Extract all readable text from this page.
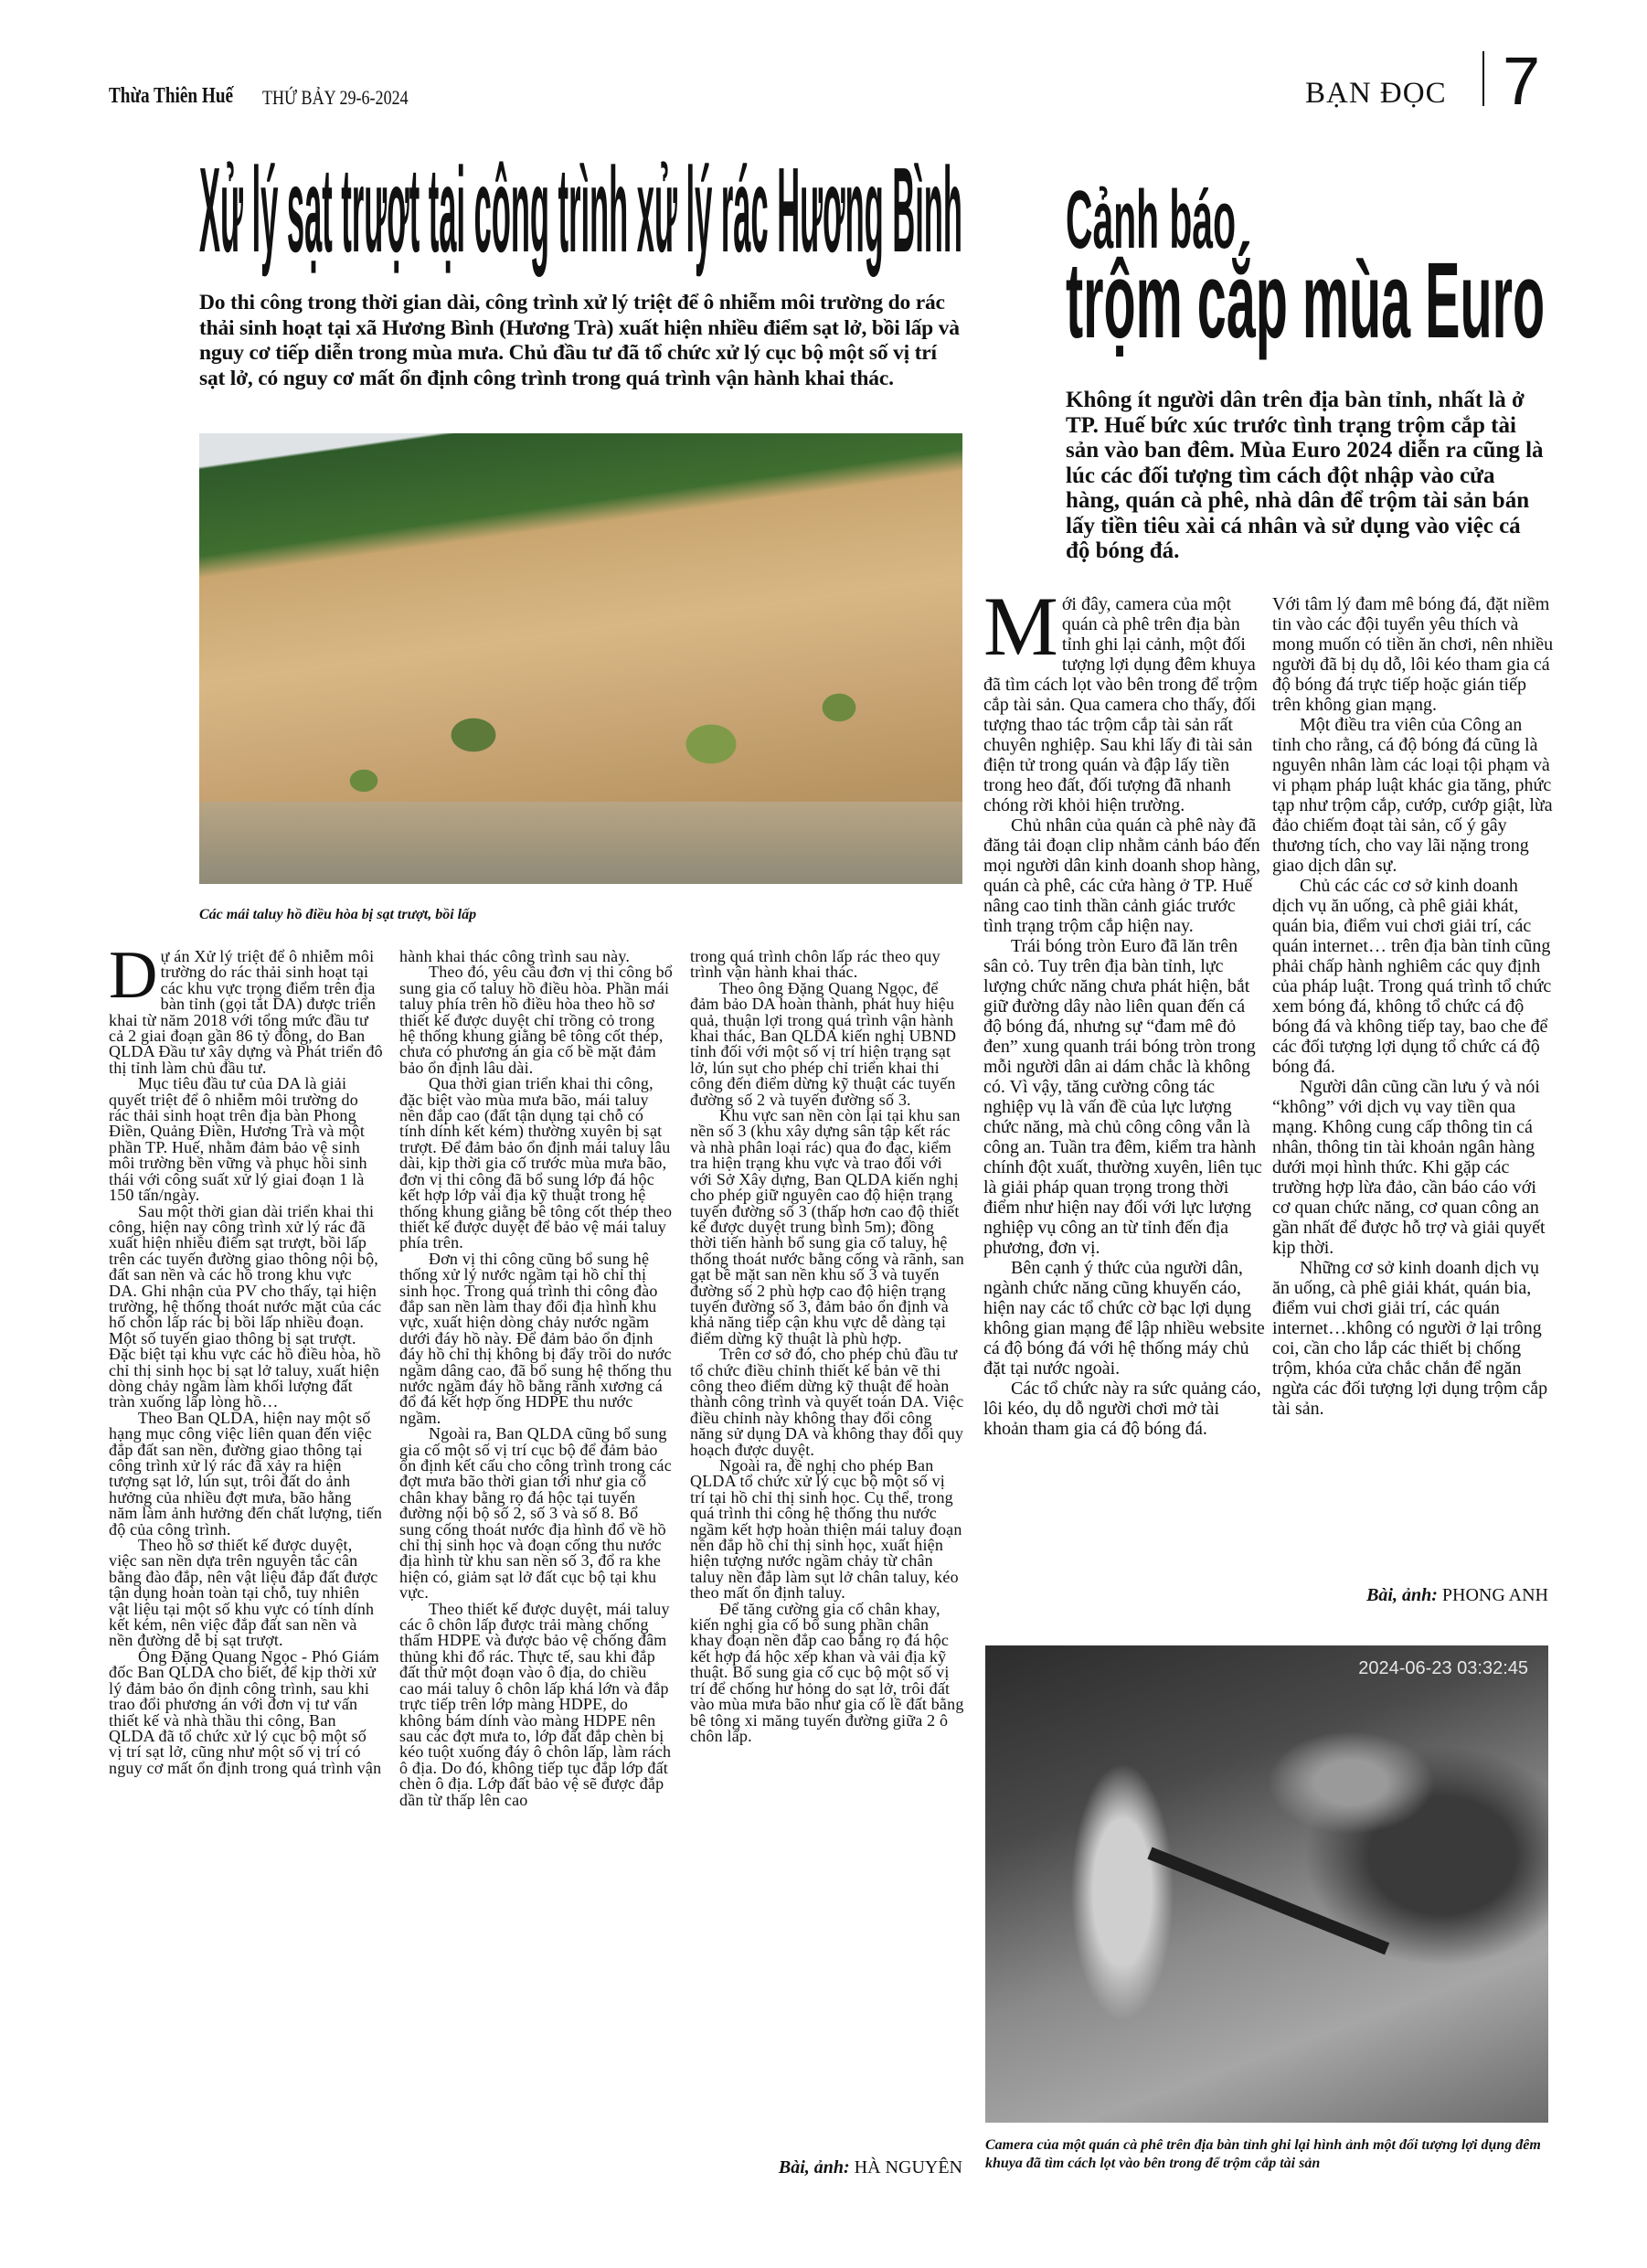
Thừa Thiên Huế THỨ BẢY 29-6-2024	BẠN ĐỌC 7
Xử lý sạt trượt tại công trình xử lý rác Hương Bình
Do thi công trong thời gian dài, công trình xử lý triệt để ô nhiễm môi trường do rác thải sinh hoạt tại xã Hương Bình (Hương Trà) xuất hiện nhiều điểm sạt lở, bồi lấp và nguy cơ tiếp diễn trong mùa mưa. Chủ đầu tư đã tổ chức xử lý cục bộ một số vị trí sạt lở, có nguy cơ mất ổn định công trình trong quá trình vận hành khai thác.
Các mái taluy hồ điều hòa bị sạt trượt, bồi lấp

Dự án Xử lý triệt để ô nhiễm môi trường do rác thải sinh hoạt tại các khu vực trọng điểm trên địa bàn tỉnh (gọi tắt DA) được triển khai từ năm 2018 với tổng mức đầu tư cả 2 giai đoạn gần 86 tỷ đồng, do Ban QLDA Đầu tư xây dựng và Phát triển đô thị tỉnh làm chủ đầu tư.

Mục tiêu đầu tư của DA là giải quyết triệt để ô nhiễm môi trường do rác thải sinh hoạt trên địa bàn Phong Điền, Quảng Điền, Hương Trà và một phần TP. Huế, nhằm đảm bảo vệ sinh môi trường bền vững và phục hồi sinh thái với công suất xử lý giai đoạn 1 là 150 tấn/ngày.

Sau một thời gian dài triển khai thi công, hiện nay công trình xử lý rác đã xuất hiện nhiều điểm sạt trượt, bồi lấp trên các tuyến đường giao thông nội bộ, đất san nền và các hồ trong khu vực DA. Ghi nhận của PV cho thấy, tại hiện trường, hệ thống thoát nước mặt của các hố chôn lấp rác bị bồi lấp nhiều đoạn. Một số tuyến giao thông bị sạt trượt. Đặc biệt tại khu vực các hồ điều hòa, hồ chỉ thị sinh học bị sạt lở taluy, xuất hiện dòng chảy ngầm làm khối lượng đất tràn xuống lấp lòng hồ…

Theo Ban QLDA, hiện nay một số hạng mục công việc liên quan đến việc đắp đất san nền, đường giao thông tại công trình xử lý rác đã xảy ra hiện tượng sạt lở, lún sụt, trôi đất do ảnh hưởng của nhiều đợt mưa, bão hằng năm làm ảnh hưởng đến chất lượng, tiến độ của công trình.

Theo hồ sơ thiết kế được duyệt, việc san nền dựa trên nguyên tắc cân bằng đào đắp, nên vật liệu đắp đất được tận dụng hoàn toàn tại chỗ, tuy nhiên vật liệu tại một số khu vực có tính dính kết kém, nên việc đắp đất san nền và nền đường dễ bị sạt trượt.

Ông Đặng Quang Ngọc - Phó Giám đốc Ban QLDA cho biết, để kịp thời xử lý đảm bảo ổn định công trình, sau khi trao đổi phương án với đơn vị tư vấn thiết kế và nhà thầu thi công, Ban QLDA đã tổ chức xử lý cục bộ một số vị trí sạt lở, cũng như một số vị trí có nguy cơ mất ổn định trong quá trình vận

hành khai thác công trình sau này.

Theo đó, yêu cầu đơn vị thi công bổ sung gia cố taluy hồ điều hòa. Phần mái taluy phía trên hồ điều hòa theo hồ sơ thiết kế được duyệt chỉ trồng cỏ trong hệ thống khung giằng bê tông cốt thép, chưa có phương án gia cố bề mặt đảm bảo ổn định lâu dài.

Qua thời gian triển khai thi công, đặc biệt vào mùa mưa bão, mái taluy nền đắp cao (đất tận dụng tại chỗ có tính dính kết kém) thường xuyên bị sạt trượt. Để đảm bảo ổn định mái taluy lâu dài, kịp thời gia cố trước mùa mưa bão, đơn vị thi công đã bổ sung lớp đá hộc kết hợp lớp vải địa kỹ thuật trong hệ thống khung giằng bê tông cốt thép theo thiết kế được duyệt để bảo vệ mái taluy phía trên.

Đơn vị thi công cũng bổ sung hệ thống xử lý nước ngầm tại hồ chỉ thị sinh học. Trong quá trình thi công đào đắp san nền làm thay đổi địa hình khu vực, xuất hiện dòng chảy nước ngầm dưới đáy hồ này. Để đảm bảo ổn định đáy hồ chỉ thị không bị đẩy trồi do nước ngầm dâng cao, đã bổ sung hệ thống thu nước ngầm đáy hồ bằng rãnh xương cá đổ đá kết hợp ống HDPE thu nước ngầm.

Ngoài ra, Ban QLDA cũng bổ sung gia cố một số vị trí cục bộ để đảm bảo ổn định kết cấu cho công trình trong các đợt mưa bão thời gian tới như gia cố chân khay bằng rọ đá hộc tại tuyến đường nội bộ số 2, số 3 và số 8. Bổ sung cống thoát nước địa hình đổ về hồ chỉ thị sinh học và đoạn cống thu nước địa hình từ khu san nền số 3, đổ ra khe hiện có, giảm sạt lở đất cục bộ tại khu vực.

Theo thiết kế được duyệt, mái taluy các ô chôn lấp được trải màng chống thấm HDPE và được bảo vệ chống đâm thủng khi đổ rác. Thực tế, sau khi đắp đất thử một đoạn vào ô địa, do chiều cao mái taluy ô chôn lấp khá lớn và đắp trực tiếp trên lớp màng HDPE, do không bám dính vào màng HDPE nên sau các đợt mưa to, lớp đất đắp chèn bị kéo tuột xuống đáy ô chôn lấp, làm rách ô địa. Do đó, không tiếp tục đắp lớp đất chèn ô địa. Lớp đất bảo vệ sẽ được đắp dần từ thấp lên cao

trong quá trình chôn lấp rác theo quy trình vận hành khai thác.

Theo ông Đặng Quang Ngọc, để đảm bảo DA hoàn thành, phát huy hiệu quả, thuận lợi trong quá trình vận hành khai thác, Ban QLDA kiến nghị UBND tỉnh đối với một số vị trí hiện trạng sạt lở, lún sụt cho phép chỉ triển khai thi công đến điểm dừng kỹ thuật các tuyến đường số 2 và tuyến đường số 3.

Khu vực san nền còn lại tại khu san nền số 3 (khu xây dựng sân tập kết rác và nhà phân loại rác) qua đo đạc, kiểm tra hiện trạng khu vực và trao đổi với với Sở Xây dựng, Ban QLDA kiến nghị cho phép giữ nguyên cao độ hiện trạng tuyến đường số 3 (thấp hơn cao độ thiết kế được duyệt trung bình 5m); đồng thời tiến hành bổ sung gia cố taluy, hệ thống thoát nước bằng cống và rãnh, san gạt bề mặt san nền khu số 3 và tuyến đường số 2 phù hợp cao độ hiện trạng tuyến đường số 3, đảm bảo ổn định và khả năng tiếp cận khu vực dễ dàng tại điểm dừng kỹ thuật là phù hợp.

Trên cơ sở đó, cho phép chủ đầu tư tổ chức điều chỉnh thiết kế bản vẽ thi công theo điểm dừng kỹ thuật để hoàn thành công trình và quyết toán DA. Việc điều chỉnh này không thay đổi công năng sử dụng DA và không thay đổi quy hoạch được duyệt.

Ngoài ra, đề nghị cho phép Ban QLDA tổ chức xử lý cục bộ một số vị trí tại hồ chỉ thị sinh học. Cụ thể, trong quá trình thi công hệ thống thu nước ngầm kết hợp hoàn thiện mái taluy đoạn nền đắp hồ chỉ thị sinh học, xuất hiện hiện tượng nước ngầm chảy từ chân taluy nền đắp làm sụt lở chân taluy, kéo theo mất ổn định taluy.

Để tăng cường gia cố chân khay, kiến nghị gia cố bổ sung phần chân khay đoạn nền đắp cao bằng rọ đá hộc kết hợp đá hộc xếp khan và vải địa kỹ thuật. Bổ sung gia cố cục bộ một số vị trí để chống hư hỏng do sạt lở, trôi đất vào mùa mưa bão như gia cố lề đất bằng bê tông xi măng tuyến đường giữa 2 ô chôn lấp.

Bài, ảnh: HÀ NGUYÊN
Cảnh báo
trộm cắp mùa Euro
Không ít người dân trên địa bàn tỉnh, nhất là ở TP. Huế bức xúc trước tình trạng trộm cắp tài sản vào ban đêm. Mùa Euro 2024 diễn ra cũng là lúc các đối tượng tìm cách đột nhập vào cửa hàng, quán cà phê, nhà dân để trộm tài sản bán lấy tiền tiêu xài cá nhân và sử dụng vào việc cá độ bóng đá.

Mới đây, camera của một quán cà phê trên địa bàn tỉnh ghi lại cảnh, một đối tượng lợi dụng đêm khuya đã tìm cách lọt vào bên trong để trộm cắp tài sản. Qua camera cho thấy, đối tượng thao tác trộm cắp tài sản rất chuyên nghiệp. Sau khi lấy đi tài sản điện tử trong quán và đập lấy tiền trong heo đất, đối tượng đã nhanh chóng rời khỏi hiện trường.

Chủ nhân của quán cà phê này đã đăng tải đoạn clip nhằm cảnh báo đến mọi người dân kinh doanh shop hàng, quán cà phê, các cửa hàng ở TP. Huế nâng cao tinh thần cảnh giác trước tình trạng trộm cắp hiện nay.

Trái bóng tròn Euro đã lăn trên sân cỏ. Tuy trên địa bàn tỉnh, lực lượng chức năng chưa phát hiện, bắt giữ đường dây nào liên quan đến cá độ bóng đá, nhưng sự “đam mê đỏ đen” xung quanh trái bóng tròn trong mỗi người dân ai dám chắc là không có. Vì vậy, tăng cường công tác nghiệp vụ là vấn đề của lực lượng chức năng, mà chủ công công vẫn là công an. Tuần tra đêm, kiểm tra hành chính đột xuất, thường xuyên, liên tục là giải pháp quan trọng trong thời điểm như hiện nay đối với lực lượng nghiệp vụ công an từ tỉnh đến địa phương, đơn vị.

Bên cạnh ý thức của người dân, ngành chức năng cũng khuyến cáo, hiện nay các tổ chức cờ bạc lợi dụng không gian mạng để lập nhiều website cá độ bóng đá với hệ thống máy chủ đặt tại nước ngoài.

Các tổ chức này ra sức quảng cáo, lôi kéo, dụ dỗ người chơi mở tài khoản tham gia cá độ bóng đá.

Với tâm lý đam mê bóng đá, đặt niềm tin vào các đội tuyển yêu thích và mong muốn có tiền ăn chơi, nên nhiều người đã bị dụ dỗ, lôi kéo tham gia cá độ bóng đá trực tiếp hoặc gián tiếp trên không gian mạng.

Một điều tra viên của Công an tỉnh cho rằng, cá độ bóng đá cũng là nguyên nhân làm các loại tội phạm và vi phạm pháp luật khác gia tăng, phức tạp như trộm cắp, cướp, cướp giật, lừa đảo chiếm đoạt tài sản, cố ý gây thương tích, cho vay lãi nặng trong giao dịch dân sự.

Chủ các các cơ sở kinh doanh dịch vụ ăn uống, cà phê giải khát, quán bia, điểm vui chơi giải trí, các quán internet… trên địa bàn tỉnh cũng phải chấp hành nghiêm các quy định của pháp luật. Trong quá trình tổ chức xem bóng đá, không tổ chức cá độ bóng đá và không tiếp tay, bao che để các đối tượng lợi dụng tổ chức cá độ bóng đá.

Người dân cũng cần lưu ý và nói “không” với dịch vụ vay tiền qua mạng. Không cung cấp thông tin cá nhân, thông tin tài khoản ngân hàng dưới mọi hình thức. Khi gặp các trường hợp lừa đảo, cần báo cáo với cơ quan chức năng, cơ quan công an gần nhất để được hỗ trợ và giải quyết kịp thời.

Những cơ sở kinh doanh dịch vụ ăn uống, cà phê giải khát, quán bia, điểm vui chơi giải trí, các quán internet…không có người ở lại trông coi, cần cho lắp các thiết bị chống trộm, khóa cửa chắc chắn để ngăn ngừa các đối tượng lợi dụng trộm cắp tài sản.

Bài, ảnh: PHONG ANH
2024-06-23 03:32:45
Camera của một quán cà phê trên địa bàn tỉnh ghi lại hình ảnh một đối tượng lợi dụng đêm khuya đã tìm cách lọt vào bên trong để trộm cắp tài sản
